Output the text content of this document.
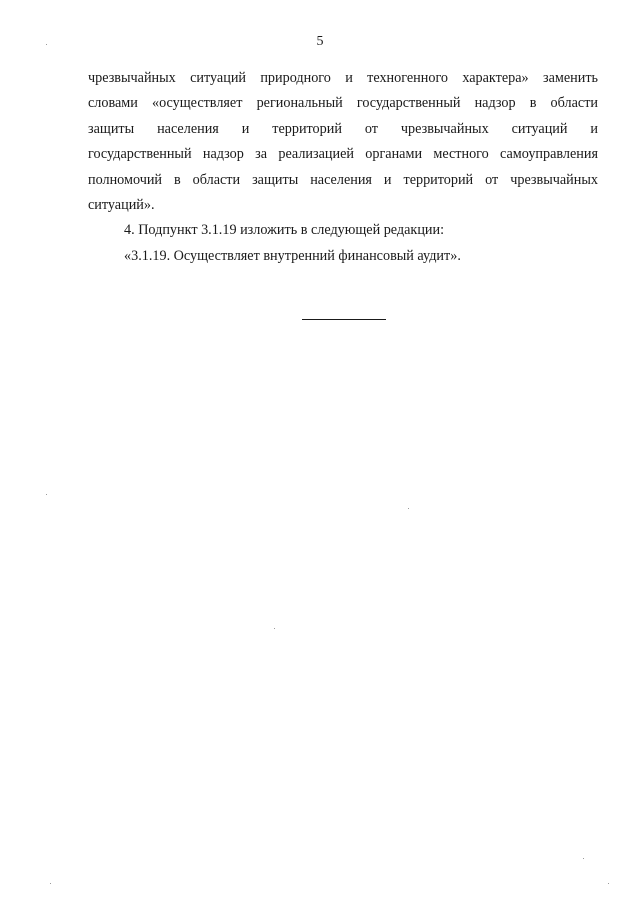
5
чрезвычайных ситуаций природного и техногенного характера» заменить
словами «осуществляет региональный государственный надзор в области
защиты населения и территорий от чрезвычайных ситуаций и
государственный надзор за реализацией органами местного самоуправления
полномочий в области защиты населения и территорий от чрезвычайных
ситуаций».
4. Подпункт 3.1.19 изложить в следующей редакции:
«3.1.19. Осуществляет внутренний финансовый аудит».
